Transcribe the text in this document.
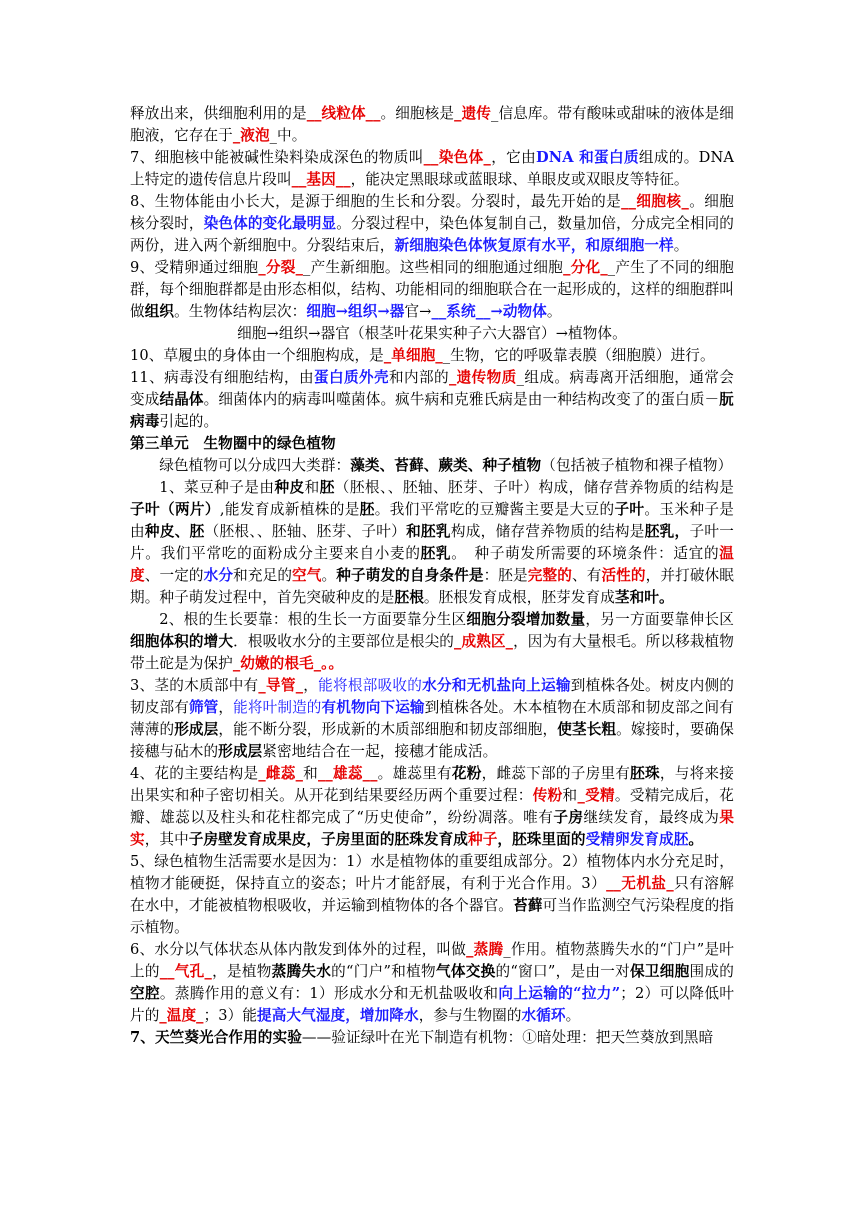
释放出来，供细胞利用的是__线粒体__。细胞核是_遗传_信息库。带有酸味或甜味的液体是细胞液，它存在于_液泡_中。

7、细胞核中能被碱性染料染成深色的物质叫__染色体_，它由DNA 和蛋白质组成的。DNA 上特定的遗传信息片段叫__基因__，能决定黑眼球或蓝眼球、单眼皮或双眼皮等特征。

8、生物体能由小长大，是源于细胞的生长和分裂。分裂时，最先开始的是__细胞核_。细胞核分裂时，染色体的变化最明显。分裂过程中，染色体复制自己，数量加倍，分成完全相同的两份，进入两个新细胞中。分裂结束后，新细胞染色体恢复原有水平，和原细胞一样。

9、受精卵通过细胞_分裂__产生新细胞。这些相同的细胞通过细胞_分化__产生了不同的细胞群，每个细胞群都是由形态相似，结构、功能相同的细胞联合在一起形成的，这样的细胞群叫做组织。生物体结构层次：细胞→组织→器官→__系统__→动物体。

细胞→组织→器官（根茎叶花果实种子六大器官）→植物体。

10、草履虫的身体由一个细胞构成，是_单细胞__生物，它的呼吸靠表膜（细胞膜）进行。

11、病毒没有细胞结构，由蛋白质外壳和内部的_遗传物质_组成。病毒离开活细胞，通常会变成结晶体。细菌体内的病毒叫噬菌体。疯牛病和克雅氏病是由一种结构改变了的蛋白质－朊病毒引起的。

第三单元　生物圈中的绿色植物

绿色植物可以分成四大类群：藻类、苔藓、蕨类、种子植物（包括被子植物和裸子植物）

1、菜豆种子是由种皮和胚（胚根、、胚轴、胚芽、子叶）构成，储存营养物质的结构是子叶（两片）,能发育成新植株的是胚。我们平常吃的豆瓣酱主要是大豆的子叶。玉米种子是由种皮、胚（胚根、、胚轴、胚芽、子叶）和胚乳构成，储存营养物质的结构是胚乳，子叶一片。我们平常吃的面粉成分主要来自小麦的胚乳。　种子萌发所需要的环境条件：适宜的温度、一定的水分和充足的空气。种子萌发的自身条件是：胚是完整的、有活性的，并打破休眠期。种子萌发过程中，首先突破种皮的是胚根。胚根发育成根，胚芽发育成茎和叶。

2、根的生长要靠：根的生长一方面要靠分生区细胞分裂增加数量，另一方面要靠伸长区细胞体积的增大．根吸收水分的主要部位是根尖的_成熟区_，因为有大量根毛。所以移栽植物带土砣是为保护_幼嫩的根毛_。。

3、茎的木质部中有_导管_，能将根部吸收的水分和无机盐向上运输到植株各处。树皮内侧的韧皮部有筛管，能将叶制造的有机物向下运输到植株各处。木本植物在木质部和韧皮部之间有薄薄的形成层，能不断分裂，形成新的木质部细胞和韧皮部细胞，使茎长粗。嫁接时，要确保接穗与砧木的形成层紧密地结合在一起，接穗才能成活。

4、花的主要结构是_雌蕊_和__雄蕊__。雄蕊里有花粉，雌蕊下部的子房里有胚珠，与将来接出果实和种子密切相关。从开花到结果要经历两个重要过程：传粉和_受精。受精完成后，花瓣、雄蕊以及柱头和花柱都完成了“历史使命”，纷纷凋落。唯有子房继续发育，最终成为果实，其中子房壁发育成果皮，子房里面的胚珠发育成种子，胚珠里面的受精卵发育成胚。

5、绿色植物生活需要水是因为：1）水是植物体的重要组成部分。2）植物体内水分充足时，植物才能硬挺，保持直立的姿态；叶片才能舒展，有利于光合作用。3）__无机盐_只有溶解在水中，才能被植物根吸收，并运输到植物体的各个器官。苔藓可当作监测空气污染程度的指示植物。

6、水分以气体状态从体内散发到体外的过程，叫做_蒸腾_作用。植物蒸腾失水的“门户”是叶上的__气孔_，是植物蒸腾失水的“门户”和植物气体交换的“窗口”，是由一对保卫细胞围成的空腔。蒸腾作用的意义有：1）形成水分和无机盐吸收和向上运输的“拉力”；2）可以降低叶片的_温度_；3）能提高大气湿度，增加降水，参与生物圈的水循环。

7、天竺葵光合作用的实验——验证绿叶在光下制造有机物：①暗处理：把天竺葵放到黑暗
